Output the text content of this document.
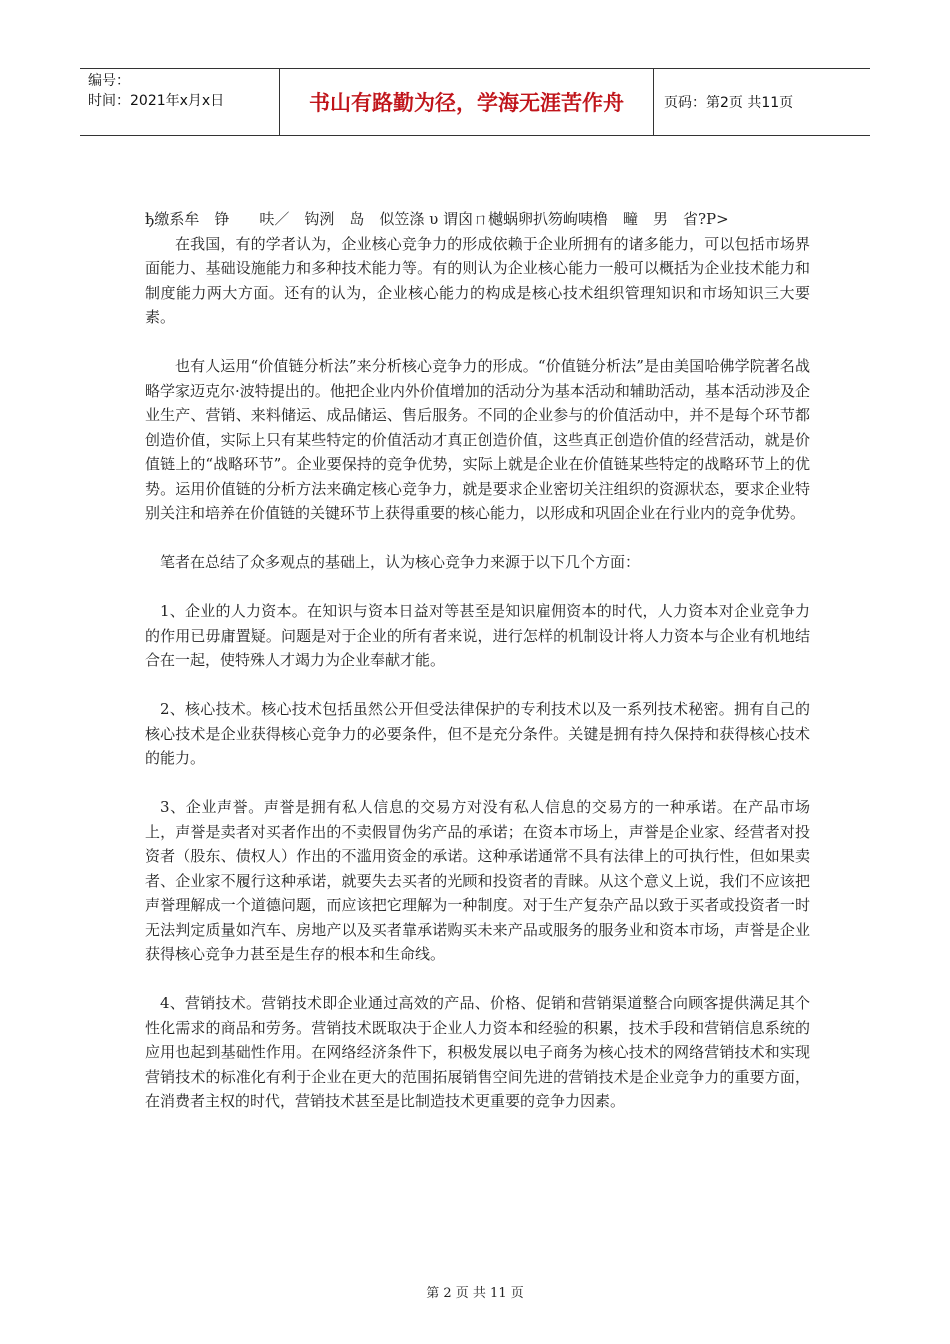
编号：
时间：2021年x月x日	书山有路勤为径，学海无涯苦作舟	页码：第2页 共11页

ђ缴系牟　铮　　呋／　钩洌　岛　似笠涤 υ 谓囟ㄇ樾蜗卵扒笏岣咦橹　疃　男　省?P>

在我国，有的学者认为，企业核心竞争力的形成依赖于企业所拥有的诸多能力，可以包括市场界面能力、基础设施能力和多种技术能力等。有的则认为企业核心能力一般可以概括为企业技术能力和制度能力两大方面。还有的认为，企业核心能力的构成是核心技术组织管理知识和市场知识三大要素。

也有人运用“价值链分析法”来分析核心竞争力的形成。“价值链分析法”是由美国哈佛学院著名战略学家迈克尔·波特提出的。他把企业内外价值增加的活动分为基本活动和辅助活动，基本活动涉及企业生产、营销、来料储运、成品储运、售后服务。不同的企业参与的价值活动中，并不是每个环节都创造价值，实际上只有某些特定的价值活动才真正创造价值，这些真正创造价值的经营活动，就是价值链上的“战略环节”。企业要保持的竞争优势，实际上就是企业在价值链某些特定的战略环节上的优势。运用价值链的分析方法来确定核心竞争力，就是要求企业密切关注组织的资源状态，要求企业特别关注和培养在价值链的关键环节上获得重要的核心能力，以形成和巩固企业在行业内的竞争优势。

笔者在总结了众多观点的基础上，认为核心竞争力来源于以下几个方面：

1、企业的人力资本。在知识与资本日益对等甚至是知识雇佣资本的时代，人力资本对企业竞争力的作用已毋庸置疑。问题是对于企业的所有者来说，进行怎样的机制设计将人力资本与企业有机地结合在一起，使特殊人才竭力为企业奉献才能。

2、核心技术。核心技术包括虽然公开但受法律保护的专利技术以及一系列技术秘密。拥有自己的核心技术是企业获得核心竞争力的必要条件，但不是充分条件。关键是拥有持久保持和获得核心技术的能力。

3、企业声誉。声誉是拥有私人信息的交易方对没有私人信息的交易方的一种承诺。在产品市场上，声誉是卖者对买者作出的不卖假冒伪劣产品的承诺；在资本市场上，声誉是企业家、经营者对投资者（股东、债权人）作出的不滥用资金的承诺。这种承诺通常不具有法律上的可执行性，但如果卖者、企业家不履行这种承诺，就要失去买者的光顾和投资者的青睐。从这个意义上说，我们不应该把声誉理解成一个道德问题，而应该把它理解为一种制度。对于生产复杂产品以致于买者或投资者一时无法判定质量如汽车、房地产以及买者靠承诺购买未来产品或服务的服务业和资本市场，声誉是企业获得核心竞争力甚至是生存的根本和生命线。

4、营销技术。营销技术即企业通过高效的产品、价格、促销和营销渠道整合向顾客提供满足其个性化需求的商品和劳务。营销技术既取决于企业人力资本和经验的积累，技术手段和营销信息系统的应用也起到基础性作用。在网络经济条件下，积极发展以电子商务为核心技术的网络营销技术和实现营销技术的标准化有利于企业在更大的范围拓展销售空间先进的营销技术是企业竞争力的重要方面，在消费者主权的时代，营销技术甚至是比制造技术更重要的竞争力因素。

第 2 页 共 11 页
